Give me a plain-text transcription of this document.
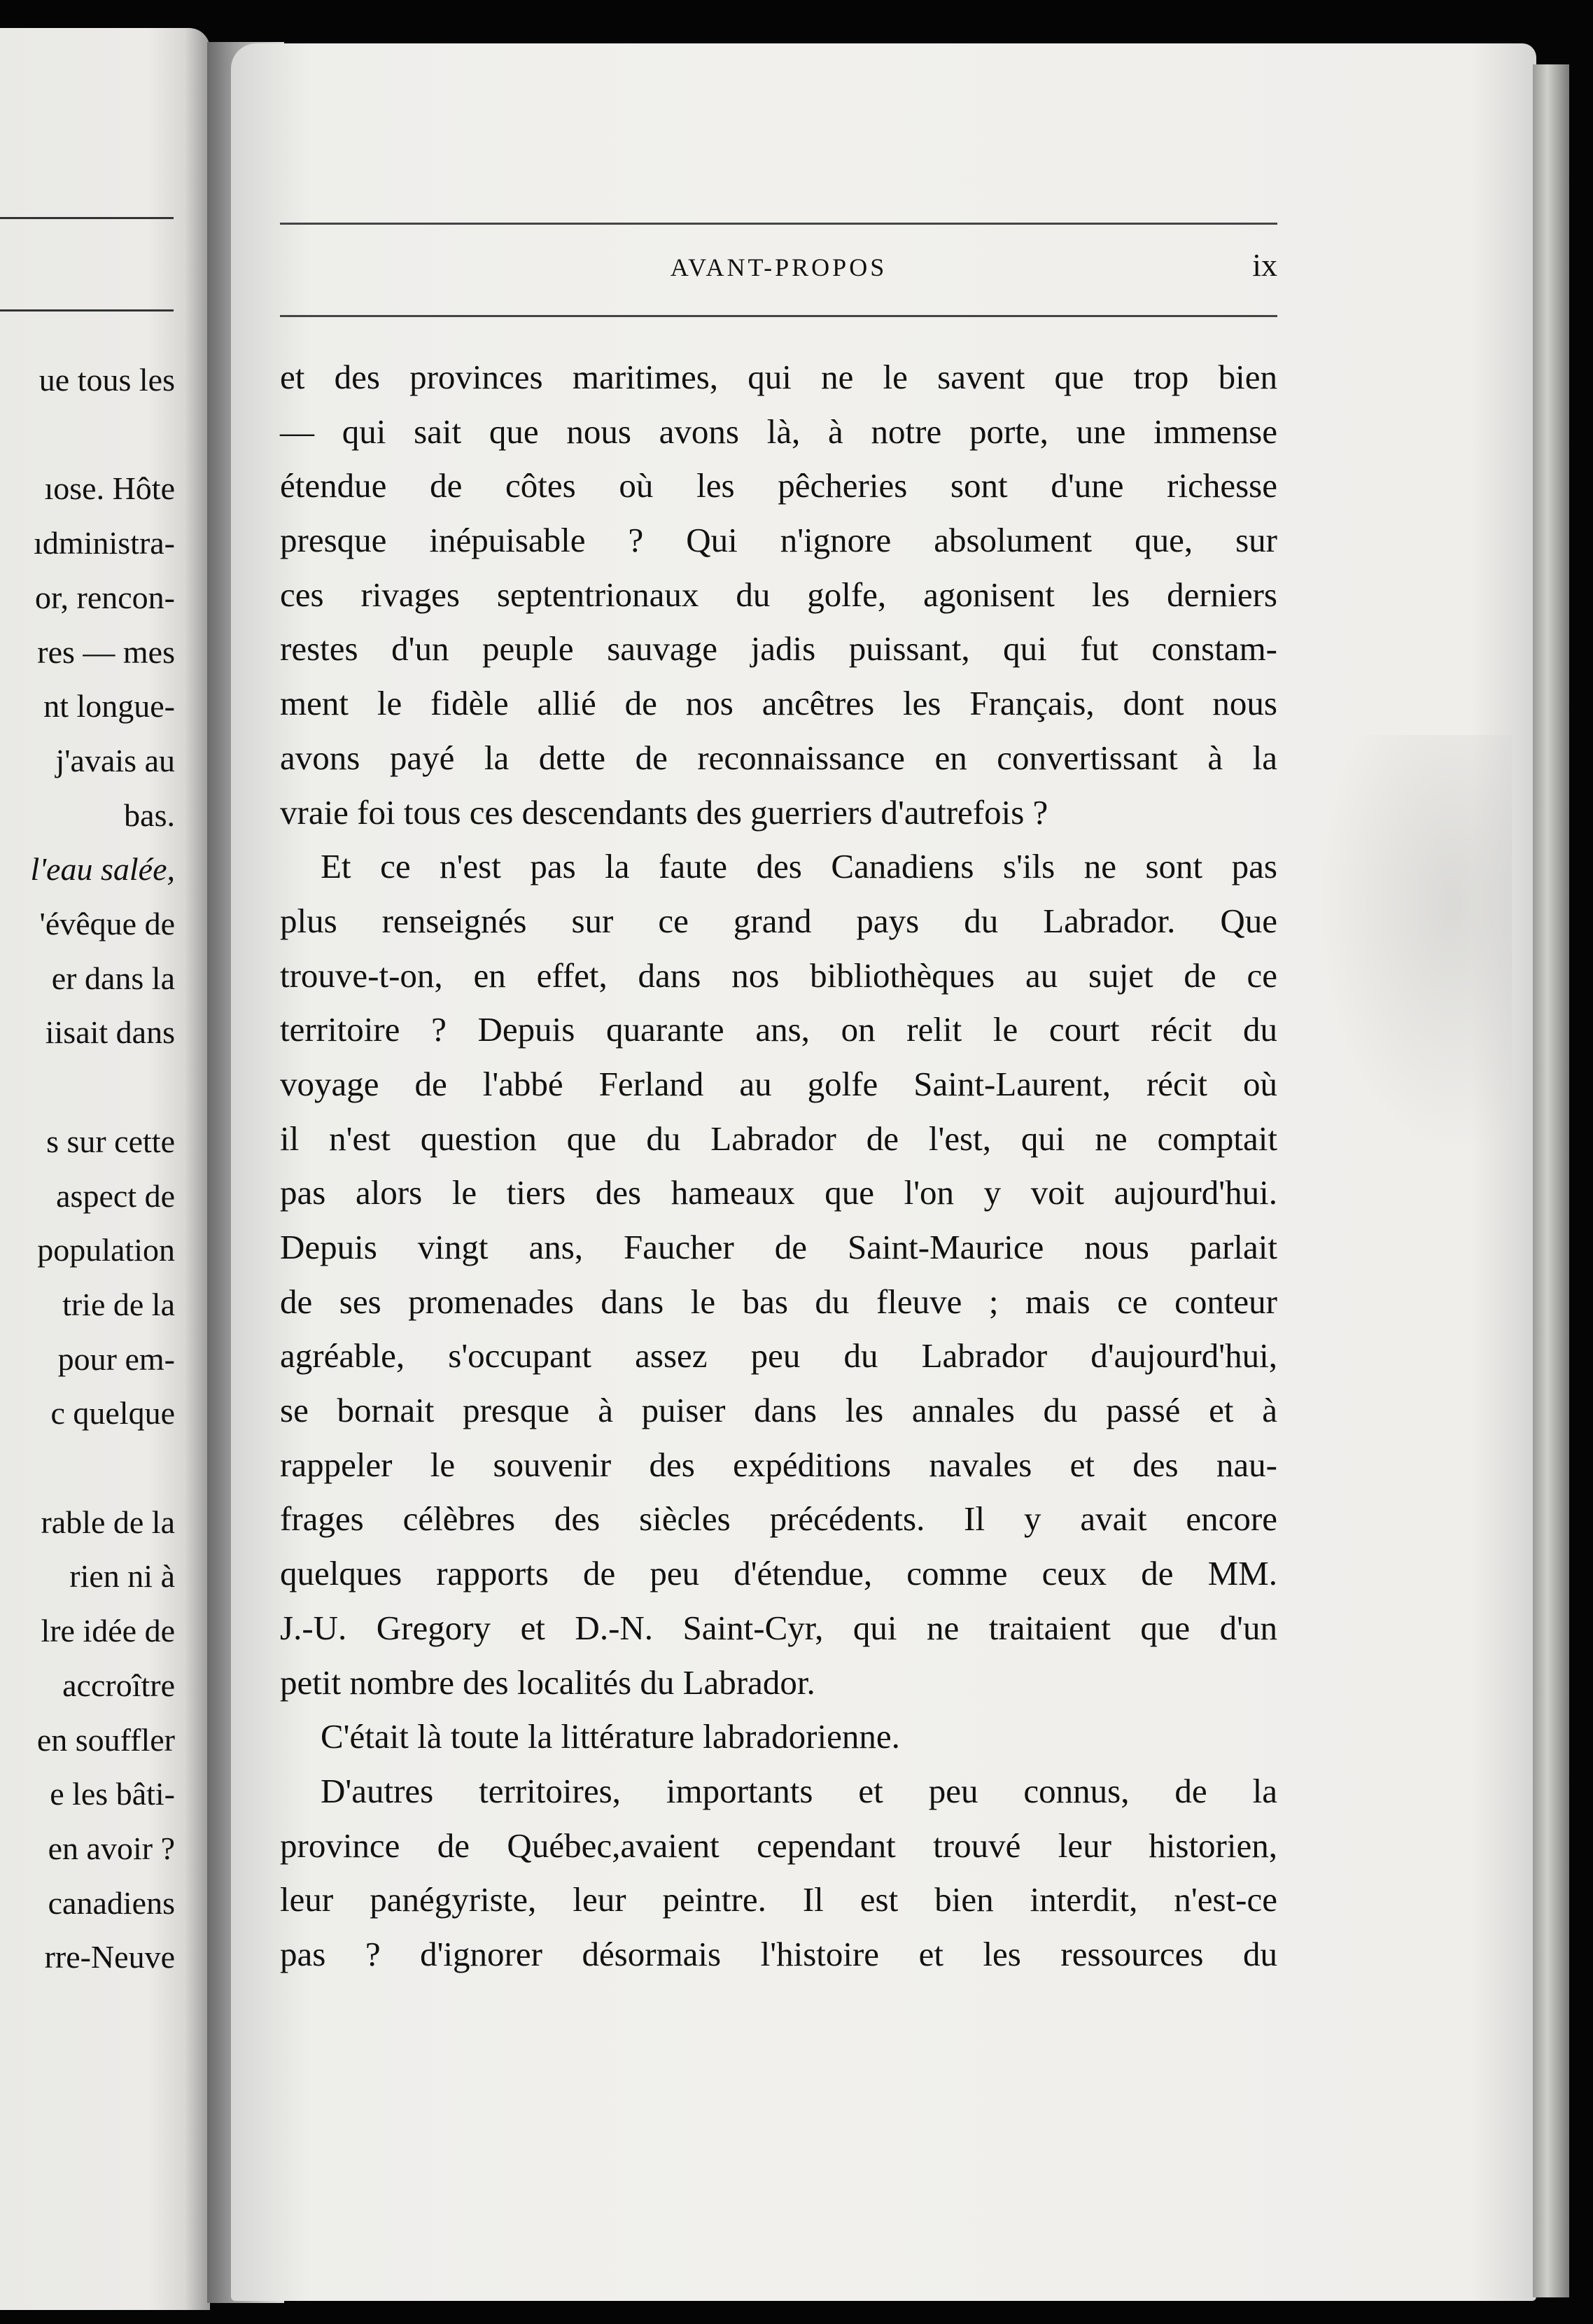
ue tous les
ıose. Hôte
ıdministra-
or, rencon-
res — mes
nt longue-
j'avais au
bas.
l'eau salée,
'évêque de
er dans la
iisait dans
s sur cette
aspect de
population
trie de la
pour em-
c quelque
rable de la
rien ni à
lre idée de
accroître
en souffler
e les bâti-
en avoir ?
canadiens
rre-Neuve
AVANT-PROPOS	ix
et des provinces maritimes, qui ne le savent que trop bien
— qui sait que nous avons là, à notre porte, une immense
étendue de côtes où les pêcheries sont d'une richesse
presque inépuisable ? Qui n'ignore absolument que, sur
ces rivages septentrionaux du golfe, agonisent les derniers
restes d'un peuple sauvage jadis puissant, qui fut constam-
ment le fidèle allié de nos ancêtres les Français, dont nous
avons payé la dette de reconnaissance en convertissant à la
vraie foi tous ces descendants des guerriers d'autrefois ?
Et ce n'est pas la faute des Canadiens s'ils ne sont pas
plus renseignés sur ce grand pays du Labrador. Que
trouve-t-on, en effet, dans nos bibliothèques au sujet de ce
territoire ? Depuis quarante ans, on relit le court récit du
voyage de l'abbé Ferland au golfe Saint-Laurent, récit où
il n'est question que du Labrador de l'est, qui ne comptait
pas alors le tiers des hameaux que l'on y voit aujourd'hui.
Depuis vingt ans, Faucher de Saint-Maurice nous parlait
de ses promenades dans le bas du fleuve ; mais ce conteur
agréable, s'occupant assez peu du Labrador d'aujourd'hui,
se bornait presque à puiser dans les annales du passé et à
rappeler le souvenir des expéditions navales et des nau-
frages célèbres des siècles précédents. Il y avait encore
quelques rapports de peu d'étendue, comme ceux de MM.
J.-U. Gregory et D.-N. Saint-Cyr, qui ne traitaient que d'un
petit nombre des localités du Labrador.
C'était là toute la littérature labradorienne.
D'autres territoires, importants et peu connus, de la
province de Québec,avaient cependant trouvé leur historien,
leur panégyriste, leur peintre. Il est bien interdit, n'est-ce
pas ? d'ignorer désormais l'histoire et les ressources du
